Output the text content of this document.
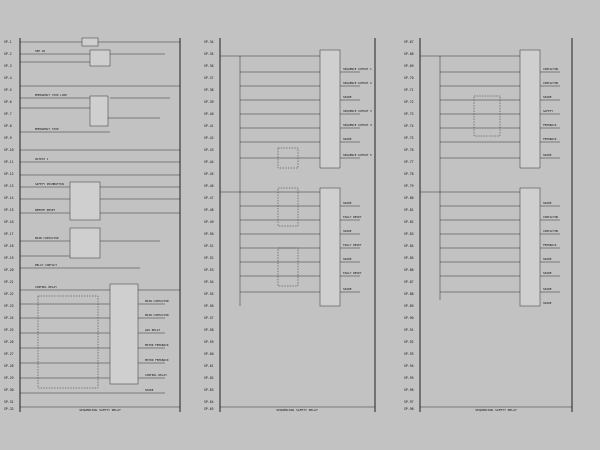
SP-1
SP-2
SP-3
SP-4
SP-5
SP-6
SP-7
SP-8
SP-9
SP-10
SP-11
SP-12
SP-13
SP-14
SP-15
SP-16
SP-17
SP-18
SP-19
SP-20
SP-21
SP-22
SP-23
SP-24
SP-25
SP-26
SP-27
SP-28
SP-29
SP-30
SP-31
SP-32
SEE CR
EMERGENCY STOP LOOP
EMERGENCY STOP
OUTPUT 1
SAFETY PUSHBUTTON
REMOTE RESET
MAIN CONTACTOR
RELAY CONTACT
CONTROL RELAY
MAIN CONTACTOR
MAIN CONTACTOR
AUX RELAY
MOTOR FEEDBACK
MOTOR FEEDBACK
CONTROL RELAY
SPARE
SEQUENCING SAFETY RELAY
SP-34
SP-35
SP-36
SP-37
SP-38
SP-39
SP-40
SP-41
SP-42
SP-43
SP-44
SP-45
SP-46
SP-47
SP-48
SP-49
SP-50
SP-51
SP-52
SP-53
SP-54
SP-55
SP-56
SP-57
SP-58
SP-59
SP-60
SP-61
SP-62
SP-63
SP-64
SP-65
SEQUENCE OUTPUT 1
SEQUENCE OUTPUT 2
SPARE
SEQUENCE OUTPUT 3
SEQUENCE OUTPUT 4
SPARE
SEQUENCE OUTPUT 5
SPARE
FAULT RESET
SPARE
FAULT RESET
SPARE
FAULT RESET
SPARE
SEQUENCING SAFETY RELAY
SP-67
SP-68
SP-69
SP-70
SP-71
SP-72
SP-73
SP-74
SP-75
SP-76
SP-77
SP-78
SP-79
SP-80
SP-81
SP-82
SP-83
SP-84
SP-85
SP-86
SP-87
SP-88
SP-89
SP-90
SP-91
SP-92
SP-93
SP-94
SP-95
SP-96
SP-97
SP-98
CONTACTOR
CONTACTOR
SPARE
SAFETY
FEEDBACK
FEEDBACK
SPARE
SPARE
CONTACTOR
CONTACTOR
FEEDBACK
SPARE
SPARE
SPARE
SPARE
SEQUENCING SAFETY RELAY
